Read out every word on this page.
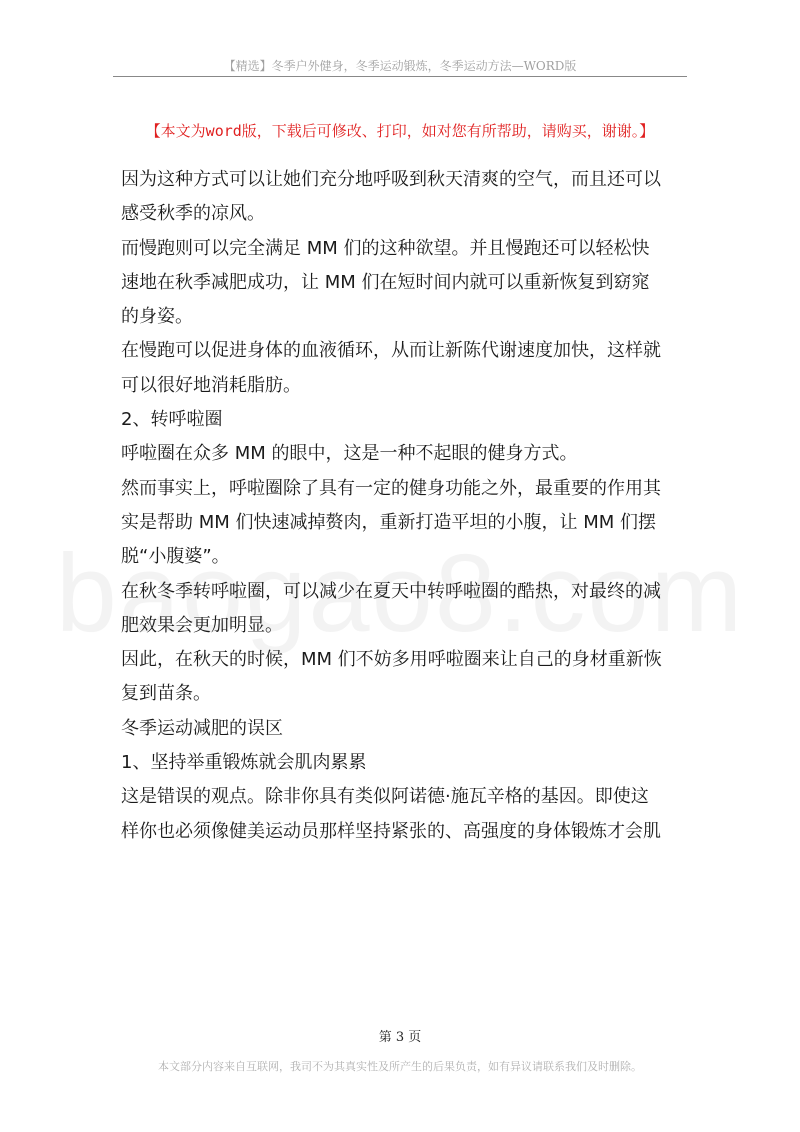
【精选】冬季户外健身，冬季运动锻炼，冬季运动方法—WORD版
【本文为word版，下载后可修改、打印，如对您有所帮助，请购买，谢谢。】

因为这种方式可以让她们充分地呼吸到秋天清爽的空气，而且还可以

感受秋季的凉风。

而慢跑则可以完全满足 MM 们的这种欲望。并且慢跑还可以轻松快

速地在秋季减肥成功，让 MM 们在短时间内就可以重新恢复到窈窕

的身姿。

在慢跑可以促进身体的血液循环，从而让新陈代谢速度加快，这样就

可以很好地消耗脂肪。

2、转呼啦圈

呼啦圈在众多 MM 的眼中，这是一种不起眼的健身方式。

然而事实上，呼啦圈除了具有一定的健身功能之外，最重要的作用其

实是帮助 MM 们快速减掉赘肉，重新打造平坦的小腹，让 MM 们摆

脱“小腹婆”。

在秋冬季转呼啦圈，可以减少在夏天中转呼啦圈的酷热，对最终的减

肥效果会更加明显。

因此，在秋天的时候，MM 们不妨多用呼啦圈来让自己的身材重新恢

复到苗条。

冬季运动减肥的误区

1、坚持举重锻炼就会肌肉累累

这是错误的观点。除非你具有类似阿诺德·施瓦辛格的基因。即使这

样你也必须像健美运动员那样坚持紧张的、高强度的身体锻炼才会肌

第 3 页
本文部分内容来自互联网，我司不为其真实性及所产生的后果负责，如有异议请联系我们及时删除。
